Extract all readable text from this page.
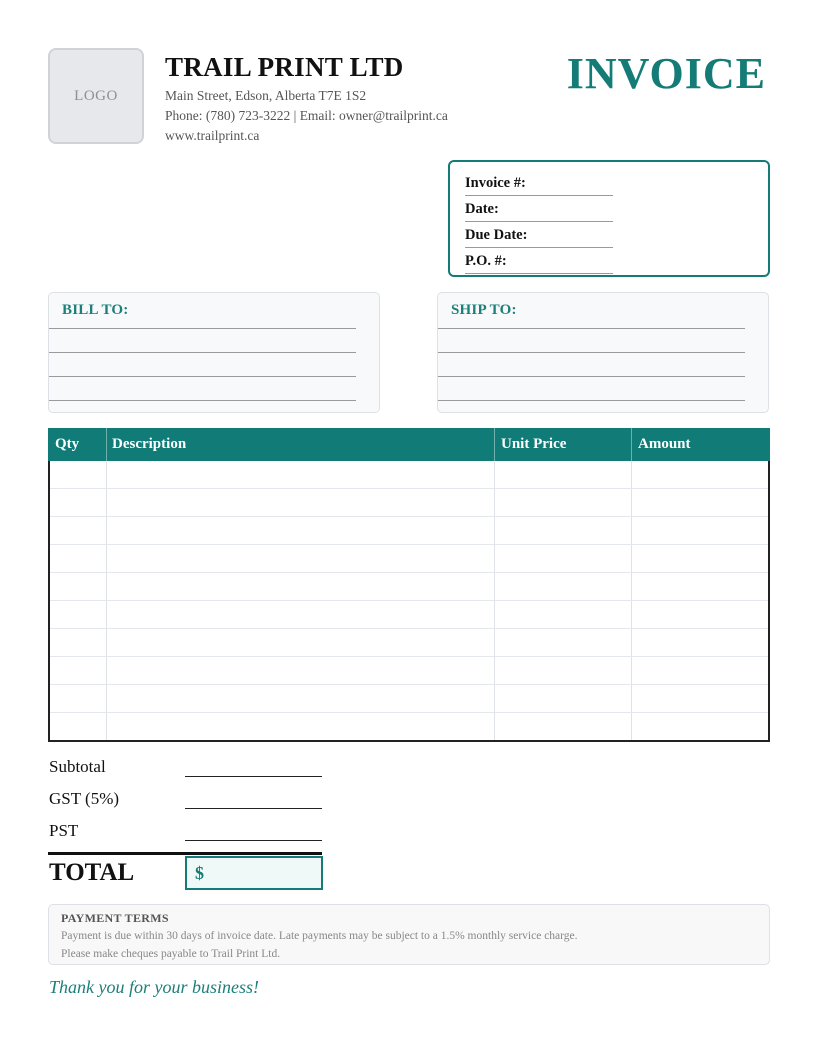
LOGO
TRAIL PRINT LTD
Main Street, Edson, Alberta T7E 1S2
Phone: (780) 723-3222 | Email: owner@trailprint.ca
www.trailprint.ca
INVOICE
Invoice #:
Date:
Due Date:
P.O. #:
BILL TO:	SHIP TO:
Qty Description	Unit Price	Amount
Subtotal
GST (5%)
PST
TOTAL	$
PAYMENT TERMS
Payment is due within 30 days of invoice date. Late payments may be subject to a 1.5% monthly service charge.
Please make cheques payable to Trail Print Ltd.
Thank you for your business!
